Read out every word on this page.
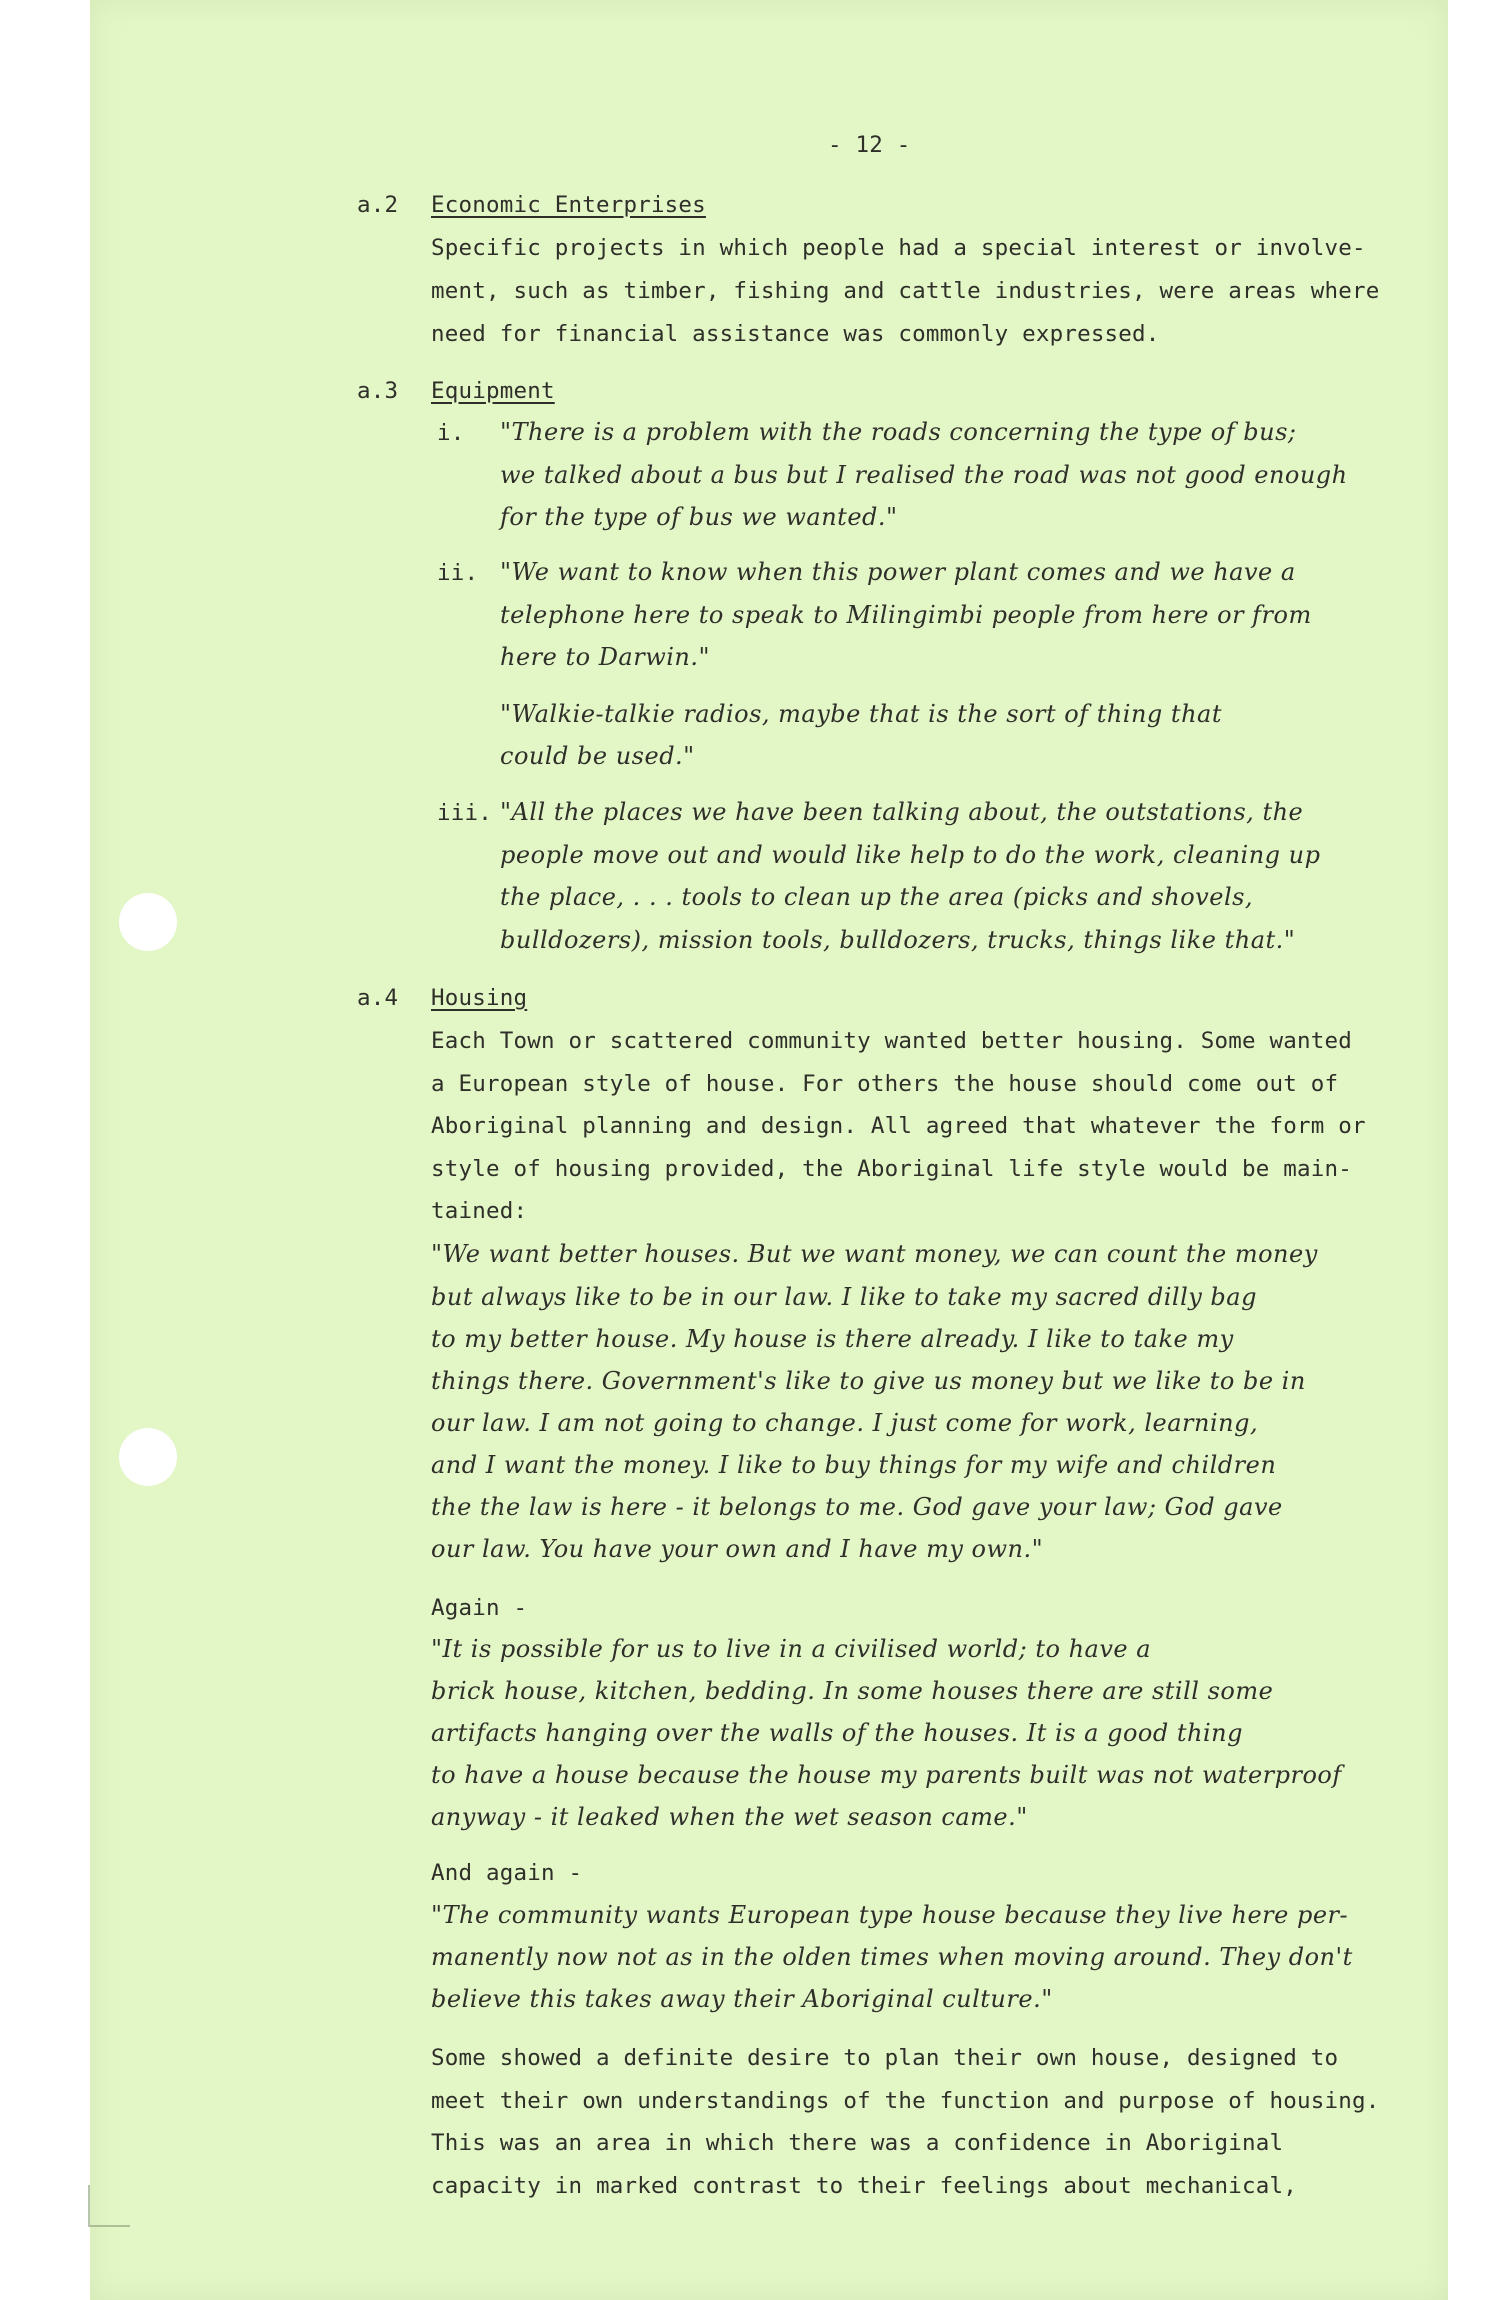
- 12 -
a.2 Economic Enterprises
Specific projects in which people had a special interest or involve-
ment, such as timber, fishing and cattle industries, were areas where
need for financial assistance was commonly expressed.
a.3 Equipment
i. "There is a problem with the roads concerning the type of bus;
we talked about a bus but I realised the road was not good enough
for the type of bus we wanted."
ii. "We want to know when this power plant comes and we have a
telephone here to speak to Milingimbi people from here or from
here to Darwin."
"Walkie-talkie radios, maybe that is the sort of thing that
could be used."
iii. "All the places we have been talking about, the outstations, the
people move out and would like help to do the work, cleaning up
the place, . . . tools to clean up the area (picks and shovels,
bulldozers), mission tools, bulldozers, trucks, things like that."
a.4 Housing
Each Town or scattered community wanted better housing. Some wanted
a European style of house. For others the house should come out of
Aboriginal planning and design. All agreed that whatever the form or
style of housing provided, the Aboriginal life style would be main-
tained:
"We want better houses. But we want money, we can count the money
but always like to be in our law. I like to take my sacred dilly bag
to my better house. My house is there already. I like to take my
things there. Government's like to give us money but we like to be in
our law. I am not going to change. I just come for work, learning,
and I want the money. I like to buy things for my wife and children
the the law is here - it belongs to me. God gave your law; God gave
our law. You have your own and I have my own."
Again -
"It is possible for us to live in a civilised world; to have a
brick house, kitchen, bedding. In some houses there are still some
artifacts hanging over the walls of the houses. It is a good thing
to have a house because the house my parents built was not waterproof
anyway - it leaked when the wet season came."
And again -
"The community wants European type house because they live here per-
manently now not as in the olden times when moving around. They don't
believe this takes away their Aboriginal culture."
Some showed a definite desire to plan their own house, designed to
meet their own understandings of the function and purpose of housing.
This was an area in which there was a confidence in Aboriginal
capacity in marked contrast to their feelings about mechanical,
